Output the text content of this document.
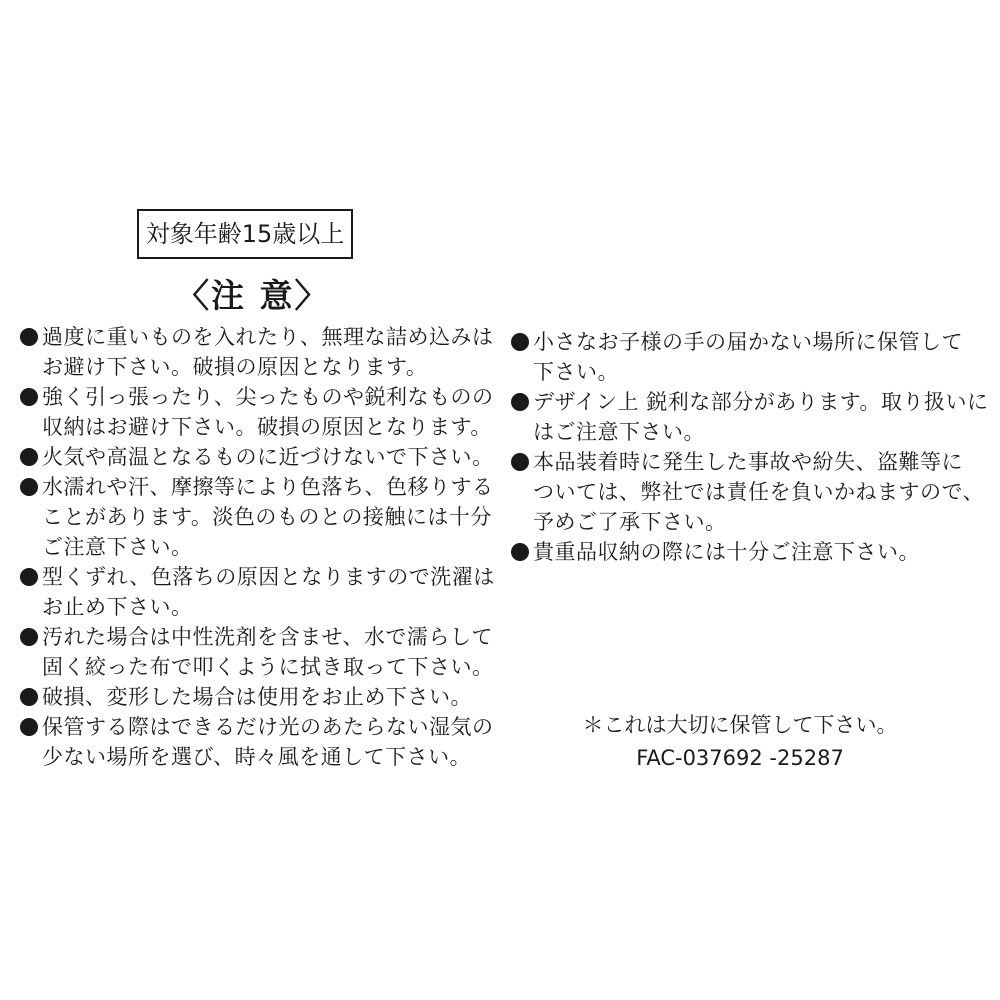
対象年齢15歳以上
〈注 意〉
過度に重いものを入れたり、無理な詰め込みは
お避け下さい。破損の原因となります。
強く引っ張ったり、尖ったものや鋭利なものの
収納はお避け下さい。破損の原因となります。
火気や高温となるものに近づけないで下さい。
水濡れや汗、摩擦等により色落ち、色移りする
ことがあります。淡色のものとの接触には十分
ご注意下さい。
型くずれ、色落ちの原因となりますので洗濯は
お止め下さい。
汚れた場合は中性洗剤を含ませ、水で濡らして
固く絞った布で叩くように拭き取って下さい。
破損、変形した場合は使用をお止め下さい。
保管する際はできるだけ光のあたらない湿気の
少ない場所を選び、時々風を通して下さい。
小さなお子様の手の届かない場所に保管して
下さい。
デザイン上 鋭利な部分があります。取り扱いに
はご注意下さい。
本品装着時に発生した事故や紛失、盗難等に
ついては、弊社では責任を負いかねますので、
予めご了承下さい。
貴重品収納の際には十分ご注意下さい。
＊これは大切に保管して下さい。
FAC-037692 -25287
